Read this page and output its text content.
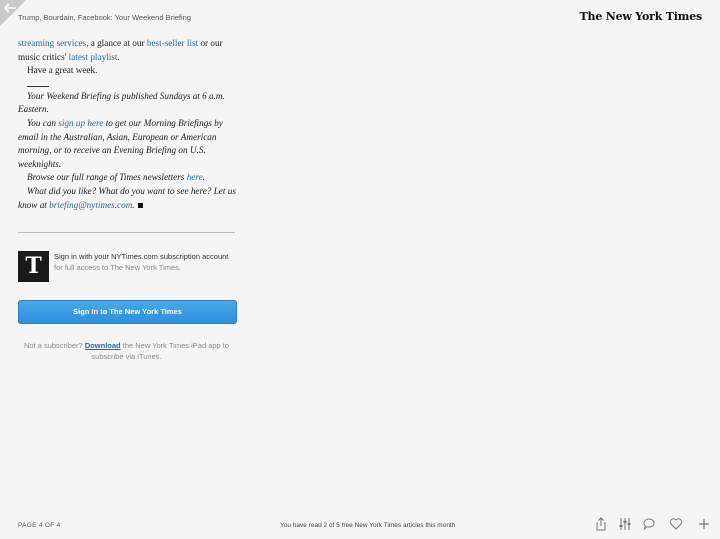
Trump, Bourdain, Facebook: Your Weekend Briefing	The New York Times

streaming services, a glance at our best-seller list or our music critics' latest playlist.

Have a great week.

Your Weekend Briefing is published Sundays at 6 a.m. Eastern.

You can sign up here to get our Morning Briefings by email in the Australian, Asian, European or American morning, or to receive an Evening Briefing on U.S. weeknights.

Browse our full range of Times newsletters here.

What did you like? What do you want to see here? Let us know at briefing@nytimes.com.

T	Sign in with your NYTimes.com subscription account
for full access to The New York Times.
Sign In to The New York Times
Not a subscriber? Download the New York Times iPad app to subscribe via iTunes.
PAGE 4 OF 4	You have read 2 of 5 free New York Times articles this month
